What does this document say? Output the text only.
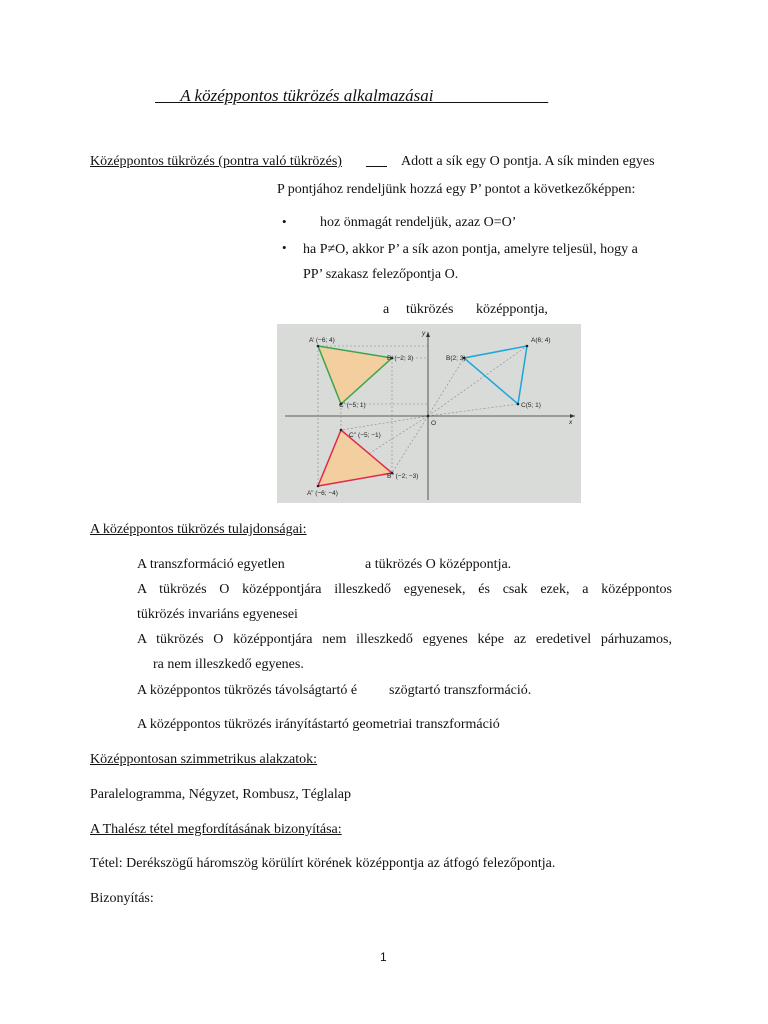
A középpontos tükrözés alkalmazásai
Középpontos tükrözés (pontra való tükrözés)
	Adott a sík egy O pontja. A sík minden egyes
P pontjához rendeljünk hozzá egy P’ pontot a következőképpen:
• hoz önmagát rendeljük, azaz O=O’
• ha P≠O, akkor P’ a sík azon pontja, amelyre teljesül, hogy a
PP’ szakasz felezőpontja O.
a tükrözés középpontja,
A(6; 4)
B(2; 3)
C(5; 1)
A’ (−6; 4)
B’ (−2; 3)
C’ (−5; 1)
A’’ (−6; −4)
B’’ (−2; −3)
C’’ (−5; −1)
O	x
y
A középpontos tükrözés tulajdonságai:
A transzformáció egyetlen	a tükrözés O középpontja.
A tükrözés O középpontjára illeszkedő egyenesek, és csak ezek, a középpontos
tükrözés invariáns egyenesei
A tükrözés O középpontjára nem illeszkedő egyenes képe az eredetivel párhuzamos,
ra nem illeszkedő egyenes.
A középpontos tükrözés távolságtartó é szögtartó transzformáció.
A középpontos tükrözés irányítástartó geometriai transzformáció
Középpontosan szimmetrikus alakzatok:
Paralelogramma, Négyzet, Rombusz, Téglalap
A Thalész tétel megfordításának bizonyítása:
Tétel: Derékszögű háromszög körülírt körének középpontja az átfogó felezőpontja.
Bizonyítás:
1
